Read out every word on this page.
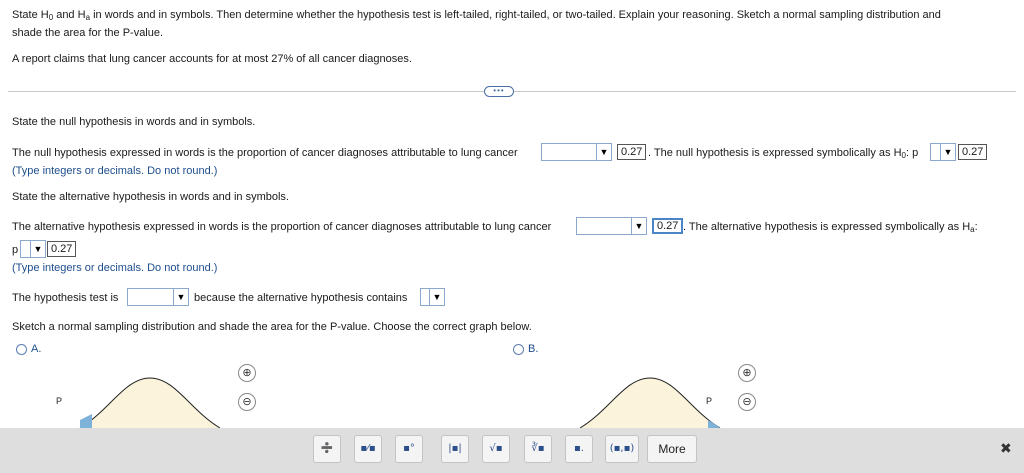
State $H_0$ and $H_a$ in words and in symbols. Then determine whether the hypothesis test is left-tailed, right-tailed, or two-tailed. Explain your reasoning. Sketch a normal sampling distribution and
shade the area for the P-value.
A report claims that lung cancer accounts for at most 27% of all cancer diagnoses.
•••
State the null hypothesis in words and in symbols.
The null hypothesis expressed in words is the proportion of cancer diagnoses attributable to lung cancer	▼	0.27 . The null hypothesis is expressed symbolically as $H_0$: p	▼ 0.27
(Type integers or decimals. Do not round.)
State the alternative hypothesis in words and in symbols.
The alternative hypothesis expressed in words is the proportion of cancer diagnoses attributable to lung cancer	▼	0.27 . The alternative hypothesis is expressed symbolically as $H_a$:
p	▼ 0.27
(Type integers or decimals. Do not round.)
The hypothesis test is	▼ because the alternative hypothesis contains	▼
Sketch a normal sampling distribution and shade the area for the P-value. Choose the correct graph below.
A.	B.
P	P
⊕
⊖
⊕
⊖
➗	▪⁄▪	▪°	|▪|	√▪	∛▪	▪.	(▪,▪)	More	✖
